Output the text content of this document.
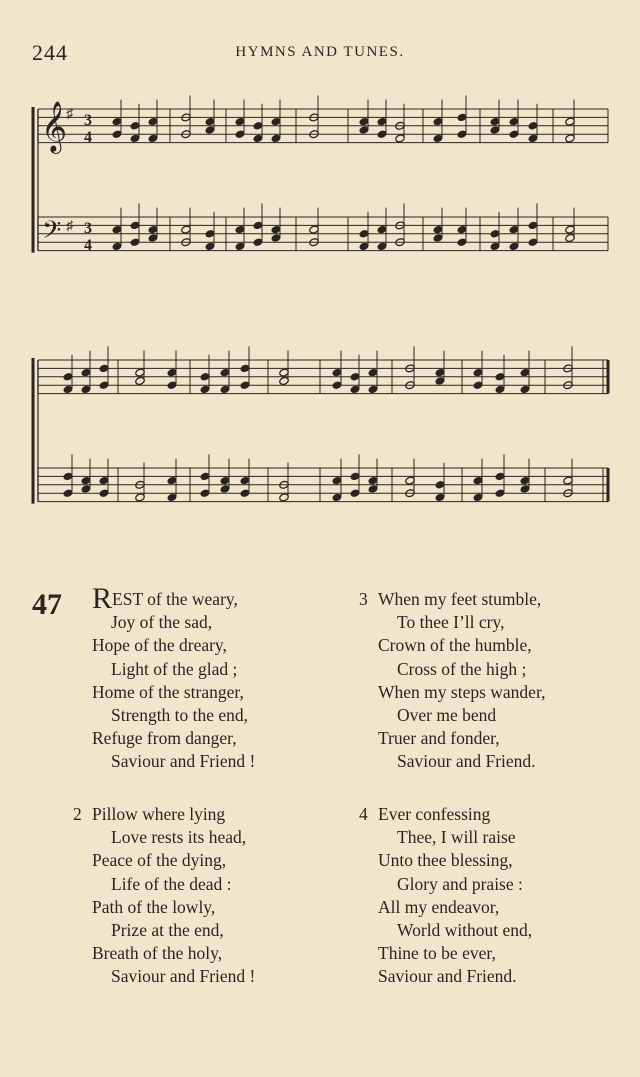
244	HYMNS AND TUNES.
𝄞
♯ 3
4
𝄢 ♯ 3
4
47 REST of the weary,
Joy of the sad,
Hope of the dreary,
Light of the glad ;
Home of the stranger,
Strength to the end,
Refuge from danger,
Saviour and Friend !
2 Pillow where lying
Love rests its head,
Peace of the dying,
Life of the dead :
Path of the lowly,
Prize at the end,
Breath of the holy,
Saviour and Friend !
3 When my feet stumble,
To thee I’ll cry,
Crown of the humble,
Cross of the high ;
When my steps wander,
Over me bend
Truer and fonder,
Saviour and Friend.
4 Ever confessing
Thee, I will raise
Unto thee blessing,
Glory and praise :
All my endeavor,
World without end,
Thine to be ever,
Saviour and Friend.
